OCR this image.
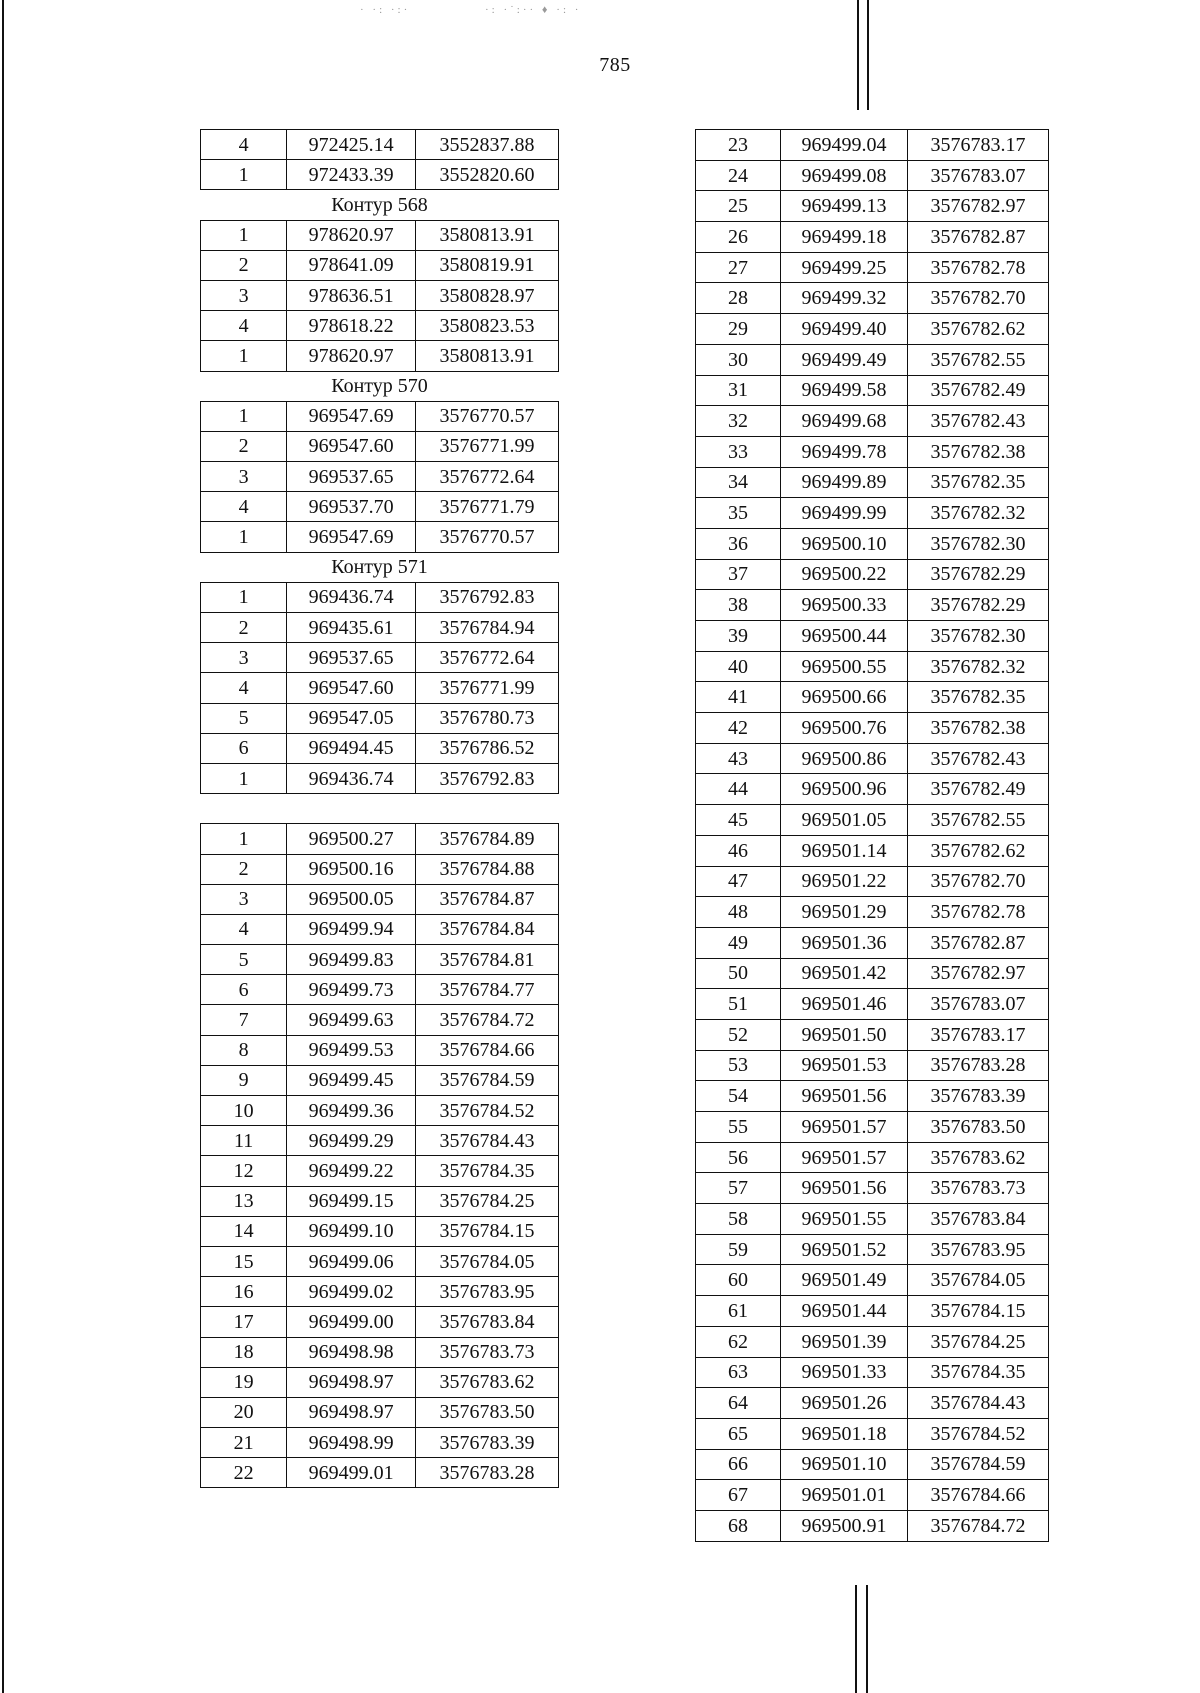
· ·: ·:·	·: ·˙:·· ♦ ·: ·
785
4	972425.14	3552837.88
1	972433.39	3552820.60
Контур 568		
1	978620.97	3580813.91
2	978641.09	3580819.91
3	978636.51	3580828.97
4	978618.22	3580823.53
1	978620.97	3580813.91
Контур 570		
1	969547.69	3576770.57
2	969547.60	3576771.99
3	969537.65	3576772.64
4	969537.70	3576771.79
1	969547.69	3576770.57
Контур 571		
1	969436.74	3576792.83
2	969435.61	3576784.94
3	969537.65	3576772.64
4	969547.60	3576771.99
5	969547.05	3576780.73
6	969494.45	3576786.52
1	969436.74	3576792.83

1	969500.27	3576784.89
2	969500.16	3576784.88
3	969500.05	3576784.87
4	969499.94	3576784.84
5	969499.83	3576784.81
6	969499.73	3576784.77
7	969499.63	3576784.72
8	969499.53	3576784.66
9	969499.45	3576784.59
10	969499.36	3576784.52
11	969499.29	3576784.43
12	969499.22	3576784.35
13	969499.15	3576784.25
14	969499.10	3576784.15
15	969499.06	3576784.05
16	969499.02	3576783.95
17	969499.00	3576783.84
18	969498.98	3576783.73
19	969498.97	3576783.62
20	969498.97	3576783.50
21	969498.99	3576783.39
22	969499.01	3576783.28
23	969499.04	3576783.17
24	969499.08	3576783.07
25	969499.13	3576782.97
26	969499.18	3576782.87
27	969499.25	3576782.78
28	969499.32	3576782.70
29	969499.40	3576782.62
30	969499.49	3576782.55
31	969499.58	3576782.49
32	969499.68	3576782.43
33	969499.78	3576782.38
34	969499.89	3576782.35
35	969499.99	3576782.32
36	969500.10	3576782.30
37	969500.22	3576782.29
38	969500.33	3576782.29
39	969500.44	3576782.30
40	969500.55	3576782.32
41	969500.66	3576782.35
42	969500.76	3576782.38
43	969500.86	3576782.43
44	969500.96	3576782.49
45	969501.05	3576782.55
46	969501.14	3576782.62
47	969501.22	3576782.70
48	969501.29	3576782.78
49	969501.36	3576782.87
50	969501.42	3576782.97
51	969501.46	3576783.07
52	969501.50	3576783.17
53	969501.53	3576783.28
54	969501.56	3576783.39
55	969501.57	3576783.50
56	969501.57	3576783.62
57	969501.56	3576783.73
58	969501.55	3576783.84
59	969501.52	3576783.95
60	969501.49	3576784.05
61	969501.44	3576784.15
62	969501.39	3576784.25
63	969501.33	3576784.35
64	969501.26	3576784.43
65	969501.18	3576784.52
66	969501.10	3576784.59
67	969501.01	3576784.66
68	969500.91	3576784.72
